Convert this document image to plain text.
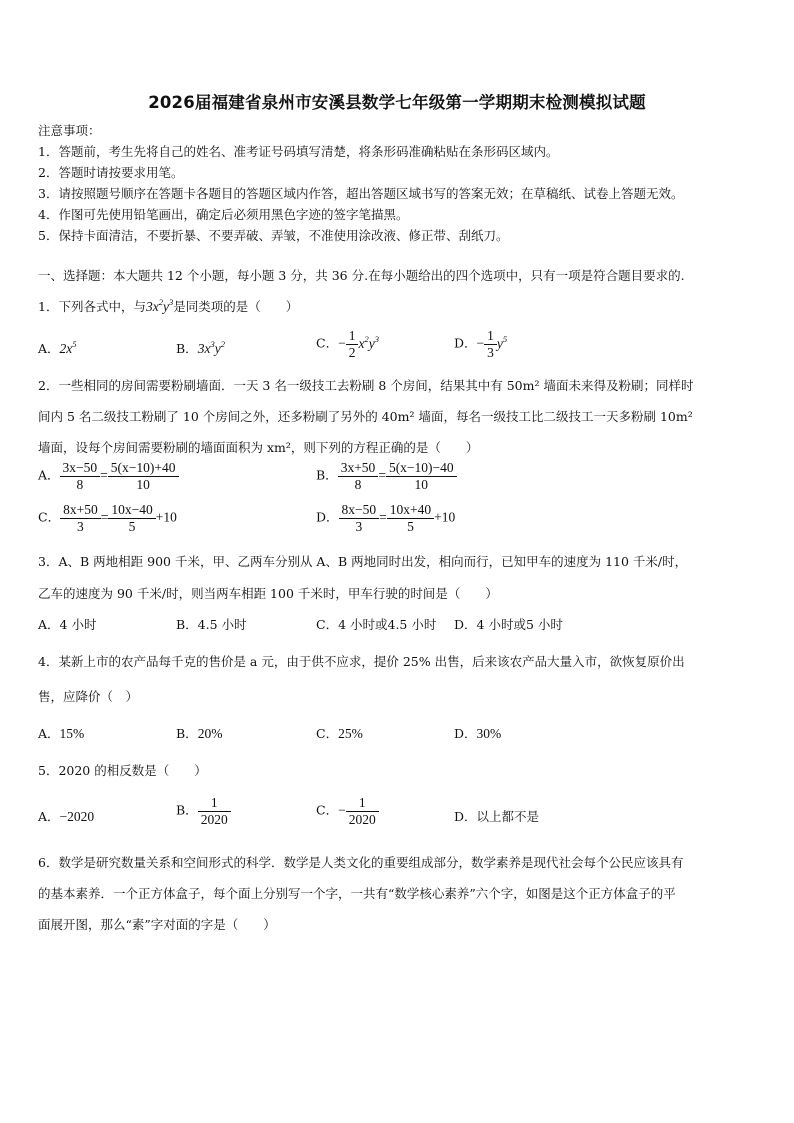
2026届福建省泉州市安溪县数学七年级第一学期期末检测模拟试题
注意事项：
1．答题前，考生先将自己的姓名、准考证号码填写清楚，将条形码准确粘贴在条形码区域内。
2．答题时请按要求用笔。
3．请按照题号顺序在答题卡各题目的答题区域内作答，超出答题区域书写的答案无效；在草稿纸、试卷上答题无效。
4．作图可先使用铅笔画出，确定后必须用黑色字迹的签字笔描黑。
5．保持卡面清洁，不要折暴、不要弄破、弄皱，不准使用涂改液、修正带、刮纸刀。
一、选择题：本大题共 12 个小题，每小题 3 分，共 36 分.在每小题给出的四个选项中，只有一项是符合题目要求的.
1．下列各式中，与$3x^2y^3$是同类项的是（　　）
A．$2x^5$	B．$3x^3y^2$	C．− $\frac{1}{2} x^2y^3$	D．− $\frac{1}{3} y^5$
2．一些相同的房间需要粉刷墙面．一天 3 名一级技工去粉刷 8 个房间，结果其中有 50m² 墙面未来得及粉刷；同样时
间内 5 名二级技工粉刷了 10 个房间之外，还多粉刷了另外的 40m² 墙面，每名一级技工比二级技工一天多粉刷 10m²
墙面，设每个房间需要粉刷的墙面面积为 xm²，则下列的方程正确的是（　　）
A． $\frac{3x-50}{8} = \frac{5(x-10)+40}{10}$	B． $\frac{3x+50}{8} = \frac{5(x-10)-40}{10}$
C． $\frac{8x+50}{3} = \frac{10x-40}{5} +10$	D． $\frac{8x-50}{3} = \frac{10x+40}{5} +10$
3．A、B 两地相距 900 千米，甲、乙两车分别从 A、B 两地同时出发，相向而行，已知甲车的速度为 110 千米/时，
乙车的速度为 90 千米/时，则当两车相距 100 千米时，甲车行驶的时间是（　　）
A．4 小时	B．4.5 小时	C．4 小时或4.5 小时 D．4 小时或5 小时
4．某新上市的农产品每千克的售价是 a 元，由于供不应求，提价 25% 出售，后来该农产品大量入市，欲恢复原价出
售，应降价（　）
A．15%	B．20%	C．25%	D．30%
5．2020 的相反数是（　　）
A．−2020	B． $\frac{1}{2020}$	C．− $\frac{1}{2020}$	D．以上都不是
6．数学是研究数量关系和空间形式的科学．数学是人类文化的重要组成部分，数学素养是现代社会每个公民应该具有
的基本素养．一个正方体盒子，每个面上分别写一个字，一共有“数学核心素养”六个字，如图是这个正方体盒子的平
面展开图，那么“素”字对面的字是（　　）
